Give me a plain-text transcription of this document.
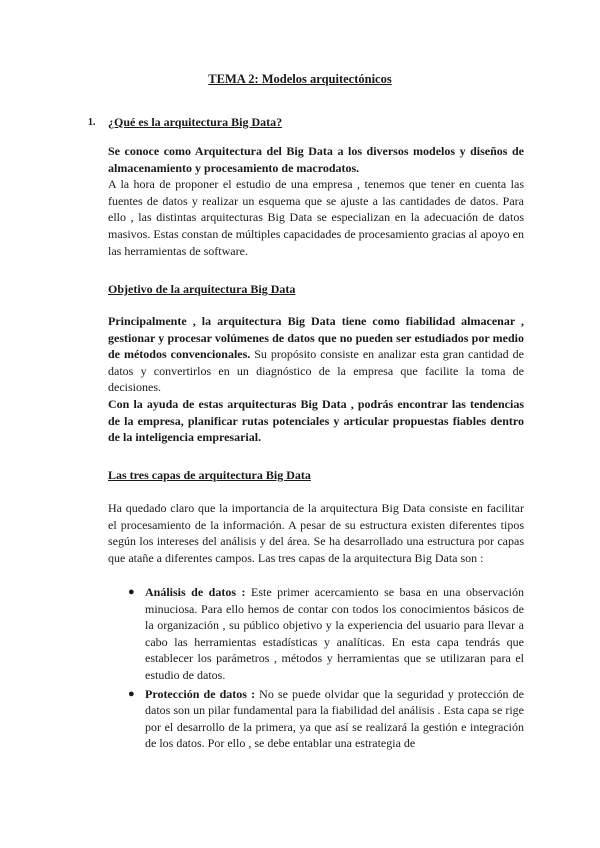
TEMA 2: Modelos arquitectónicos
1. ¿Qué es la arquitectura Big Data?

Se conoce como Arquitectura del Big Data a los diversos modelos y diseños de almacenamiento y procesamiento de macrodatos.
A la hora de proponer el estudio de una empresa , tenemos que tener en cuenta las fuentes de datos y realizar un esquema que se ajuste a las cantidades de datos. Para ello , las distintas arquitecturas Big Data se especializan en la adecuación de datos masivos. Estas constan de múltiples capacidades de procesamiento gracias al apoyo en las herramientas de software.

Objetivo de la arquitectura Big Data

Principalmente , la arquitectura Big Data tiene como fiabilidad almacenar , gestionar y procesar volúmenes de datos que no pueden ser estudiados por medio de métodos convencionales. Su propósito consiste en analizar esta gran cantidad de datos y convertirlos en un diagnóstico de la empresa que facilite la toma de decisiones.
Con la ayuda de estas arquitecturas Big Data , podrás encontrar las tendencias de la empresa, planificar rutas potenciales y articular propuestas fiables dentro de la inteligencia empresarial.

Las tres capas de arquitectura Big Data

Ha quedado claro que la importancia de la arquitectura Big Data consiste en facilitar el procesamiento de la información. A pesar de su estructura existen diferentes tipos según los intereses del análisis y del área. Se ha desarrollado una estructura por capas que atañe a diferentes campos. Las tres capas de la arquitectura Big Data son :

● Análisis de datos : Este primer acercamiento se basa en una observación minuciosa. Para ello hemos de contar con todos los conocimientos básicos de la organización , su público objetivo y la experiencia del usuario para llevar a cabo las herramientas estadísticas y analíticas. En esta capa tendrás que establecer los parámetros , métodos y herramientas que se utilizaran para el estudio de datos.
● Protección de datos : No se puede olvidar que la seguridad y protección de datos son un pilar fundamental para la fiabilidad del análisis . Esta capa se rige por el desarrollo de la primera, ya que así se realizará la gestión e integración de los datos. Por ello , se debe entablar una estrategia de
